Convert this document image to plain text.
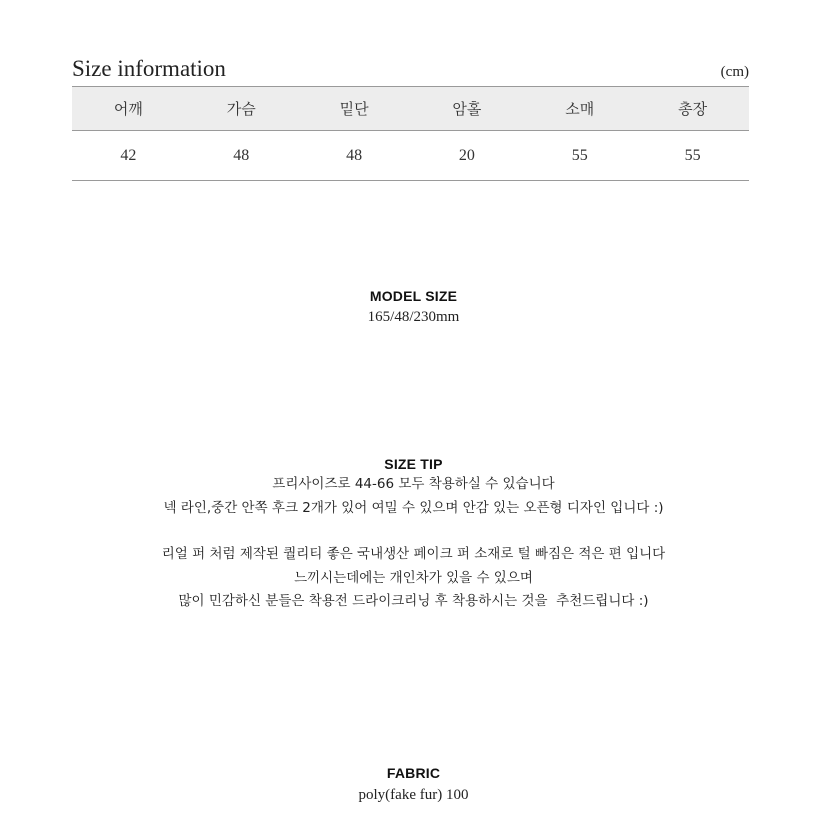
Size information	(cm)
어깨	가슴	밑단	암홀	소매	총장
42	48	48	20	55	55
MODEL SIZE

165/48/230mm

SIZE TIP

프리사이즈로 44-66 모두 착용하실 수 있습니다

넥 라인,중간 안쪽 후크 2개가 있어 여밀 수 있으며 안감 있는 오픈형 디자인 입니다 :)

리얼 퍼 처럼 제작된 퀄리티 좋은 국내생산 페이크 퍼 소재로 털 빠짐은 적은 편 입니다

느끼시는데에는 개인차가 있을 수 있으며

많이 민감하신 분들은 착용전 드라이크리닝 후 착용하시는 것을  추천드립니다 :)

FABRIC

poly(fake fur) 100
